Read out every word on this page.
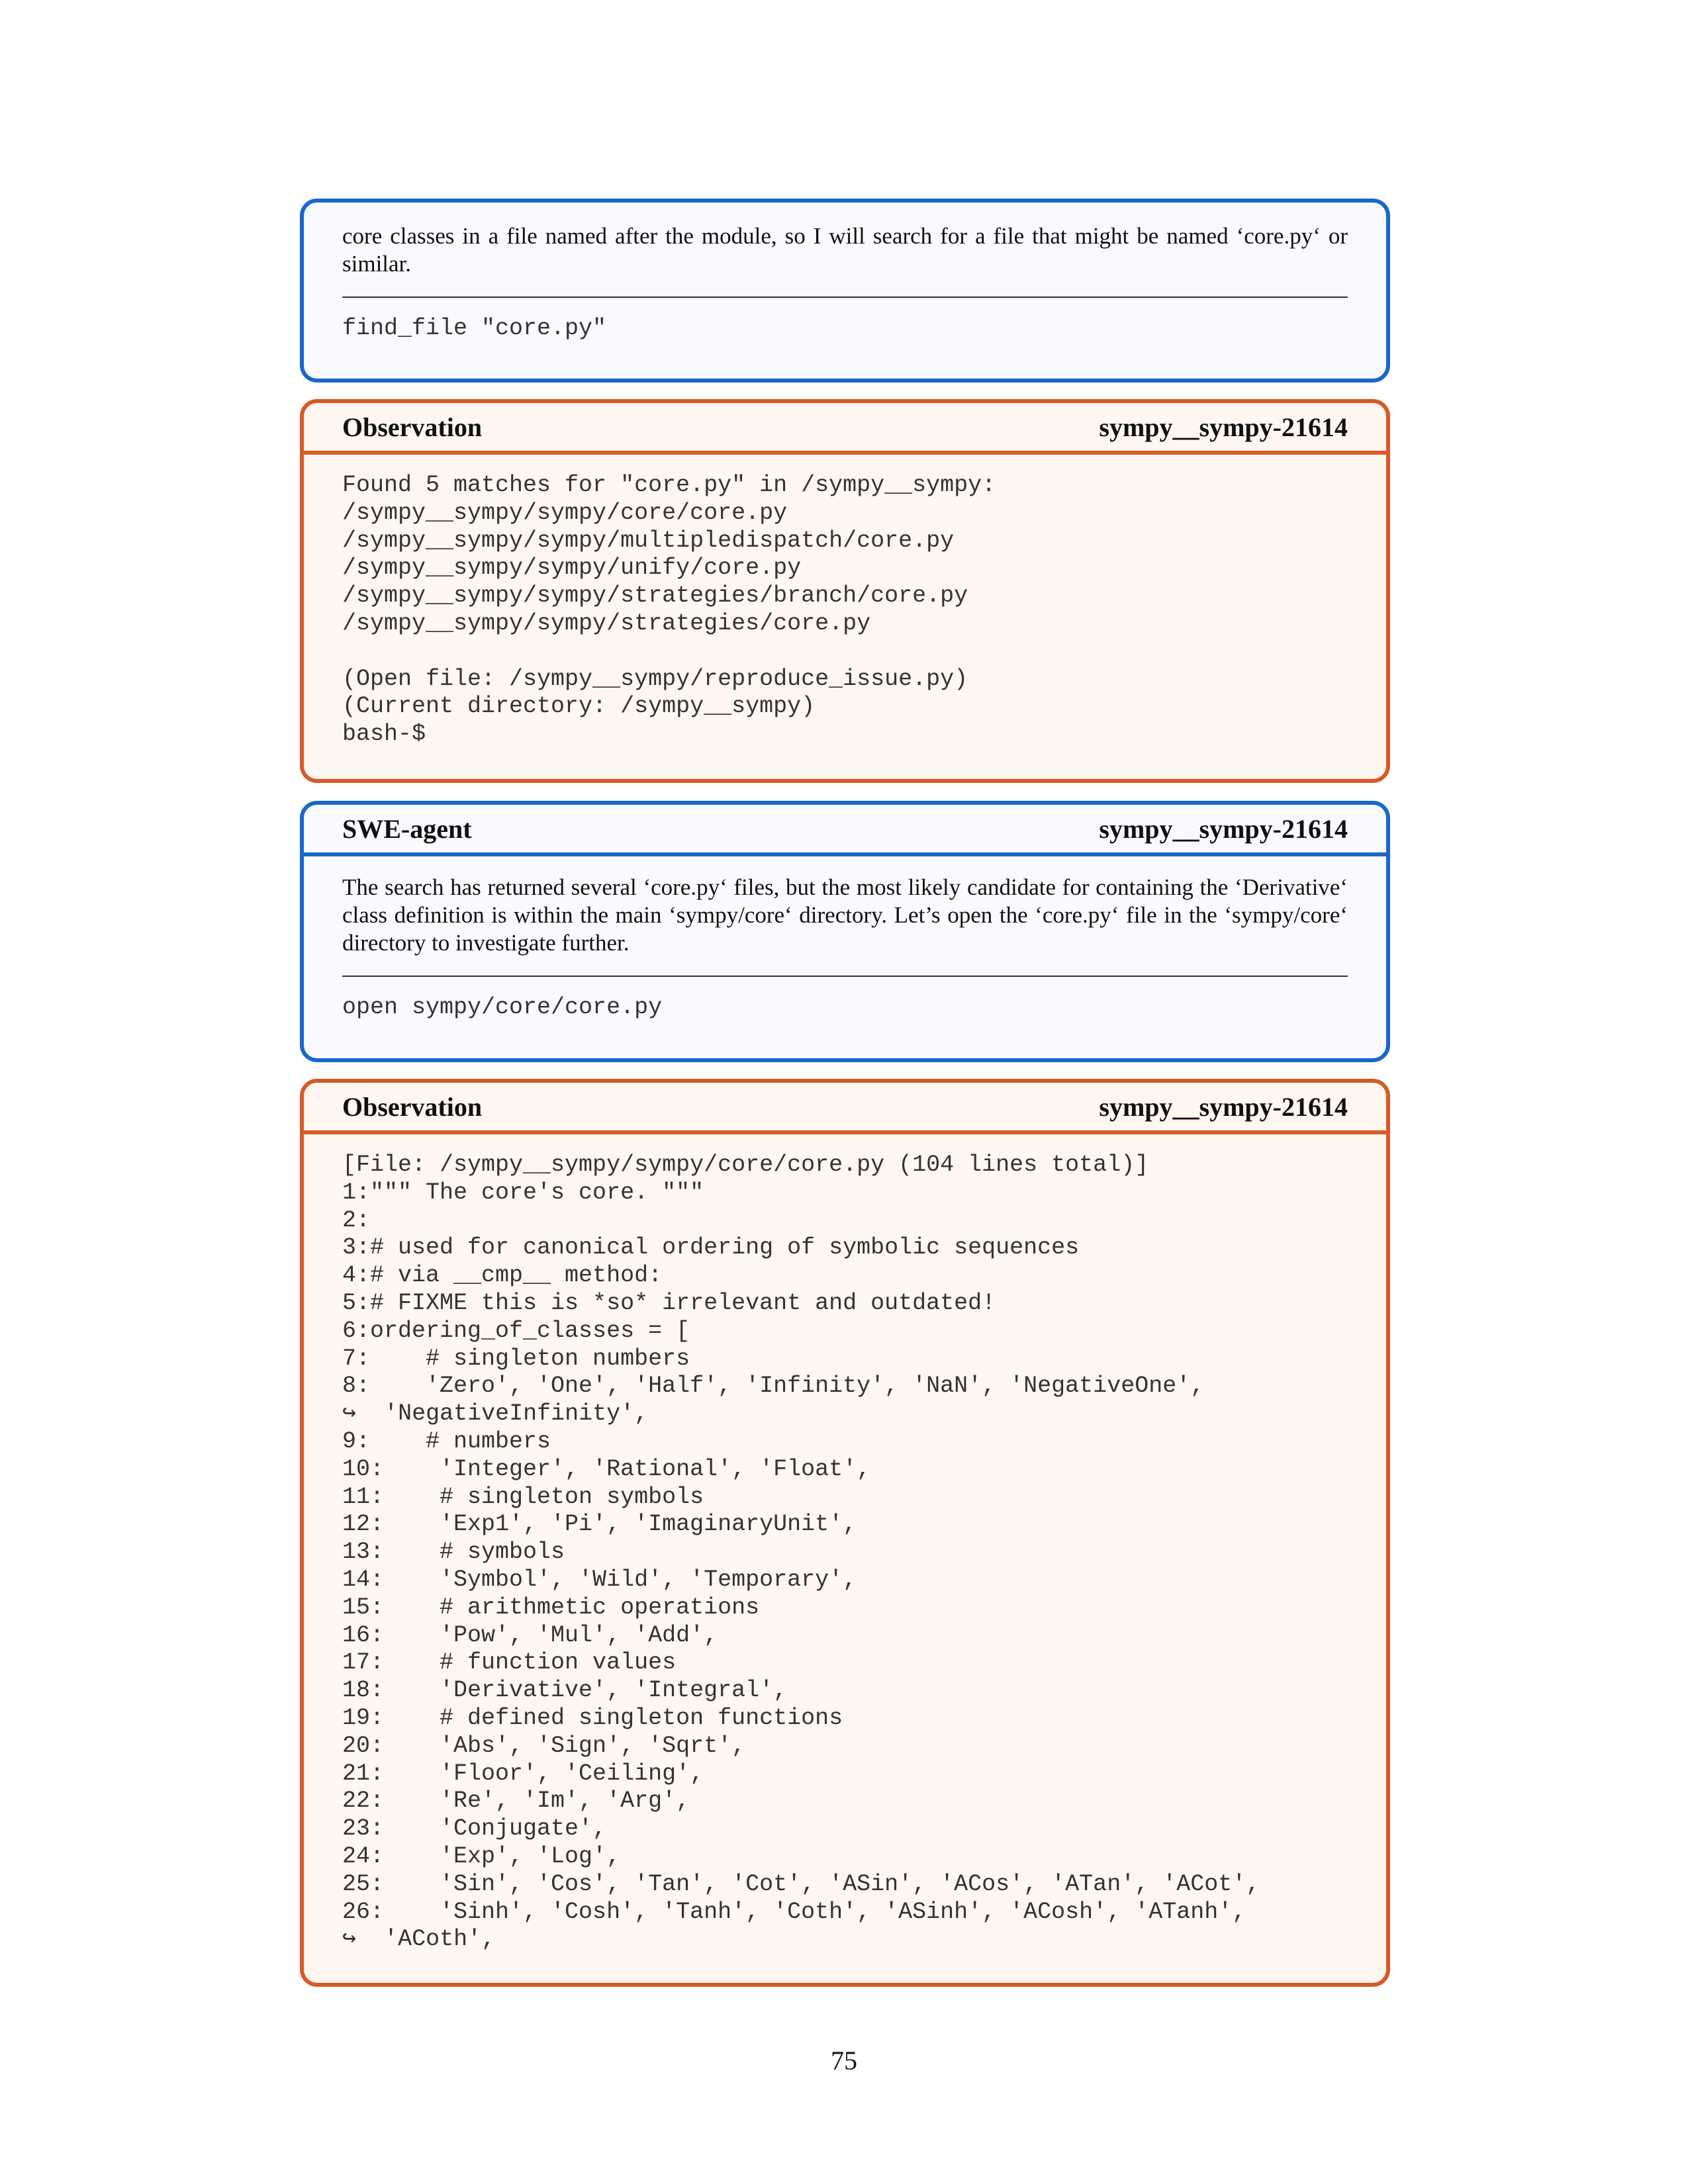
core classes in a file named after the module, so I will search for a file that might be named ‘core.py‘ or similar.

find_file "core.py"
Observation	sympy__sympy-21614
Found 5 matches for "core.py" in /sympy__sympy:
/sympy__sympy/sympy/core/core.py
/sympy__sympy/sympy/multipledispatch/core.py
/sympy__sympy/sympy/unify/core.py
/sympy__sympy/sympy/strategies/branch/core.py
/sympy__sympy/sympy/strategies/core.py

(Open file: /sympy__sympy/reproduce_issue.py)
(Current directory: /sympy__sympy)
bash-$
SWE-agent	sympy__sympy-21614

The search has returned several ‘core.py‘ files, but the most likely candidate for containing the ‘Derivative‘ class definition is within the main ‘sympy/core‘ directory. Let’s open the ‘core.py‘ file in the ‘sympy/core‘ directory to investigate further.

open sympy/core/core.py
Observation	sympy__sympy-21614
[File: /sympy__sympy/sympy/core/core.py (104 lines total)]
1:""" The core's core. """
2:
3:# used for canonical ordering of symbolic sequences
4:# via __cmp__ method:
5:# FIXME this is *so* irrelevant and outdated!
6:ordering_of_classes = [
7:    # singleton numbers
8:    'Zero', 'One', 'Half', 'Infinity', 'NaN', 'NegativeOne',
↪  'NegativeInfinity',
9:    # numbers
10:    'Integer', 'Rational', 'Float',
11:    # singleton symbols
12:    'Exp1', 'Pi', 'ImaginaryUnit',
13:    # symbols
14:    'Symbol', 'Wild', 'Temporary',
15:    # arithmetic operations
16:    'Pow', 'Mul', 'Add',
17:    # function values
18:    'Derivative', 'Integral',
19:    # defined singleton functions
20:    'Abs', 'Sign', 'Sqrt',
21:    'Floor', 'Ceiling',
22:    'Re', 'Im', 'Arg',
23:    'Conjugate',
24:    'Exp', 'Log',
25:    'Sin', 'Cos', 'Tan', 'Cot', 'ASin', 'ACos', 'ATan', 'ACot',
26:    'Sinh', 'Cosh', 'Tanh', 'Coth', 'ASinh', 'ACosh', 'ATanh',
↪  'ACoth',
75
